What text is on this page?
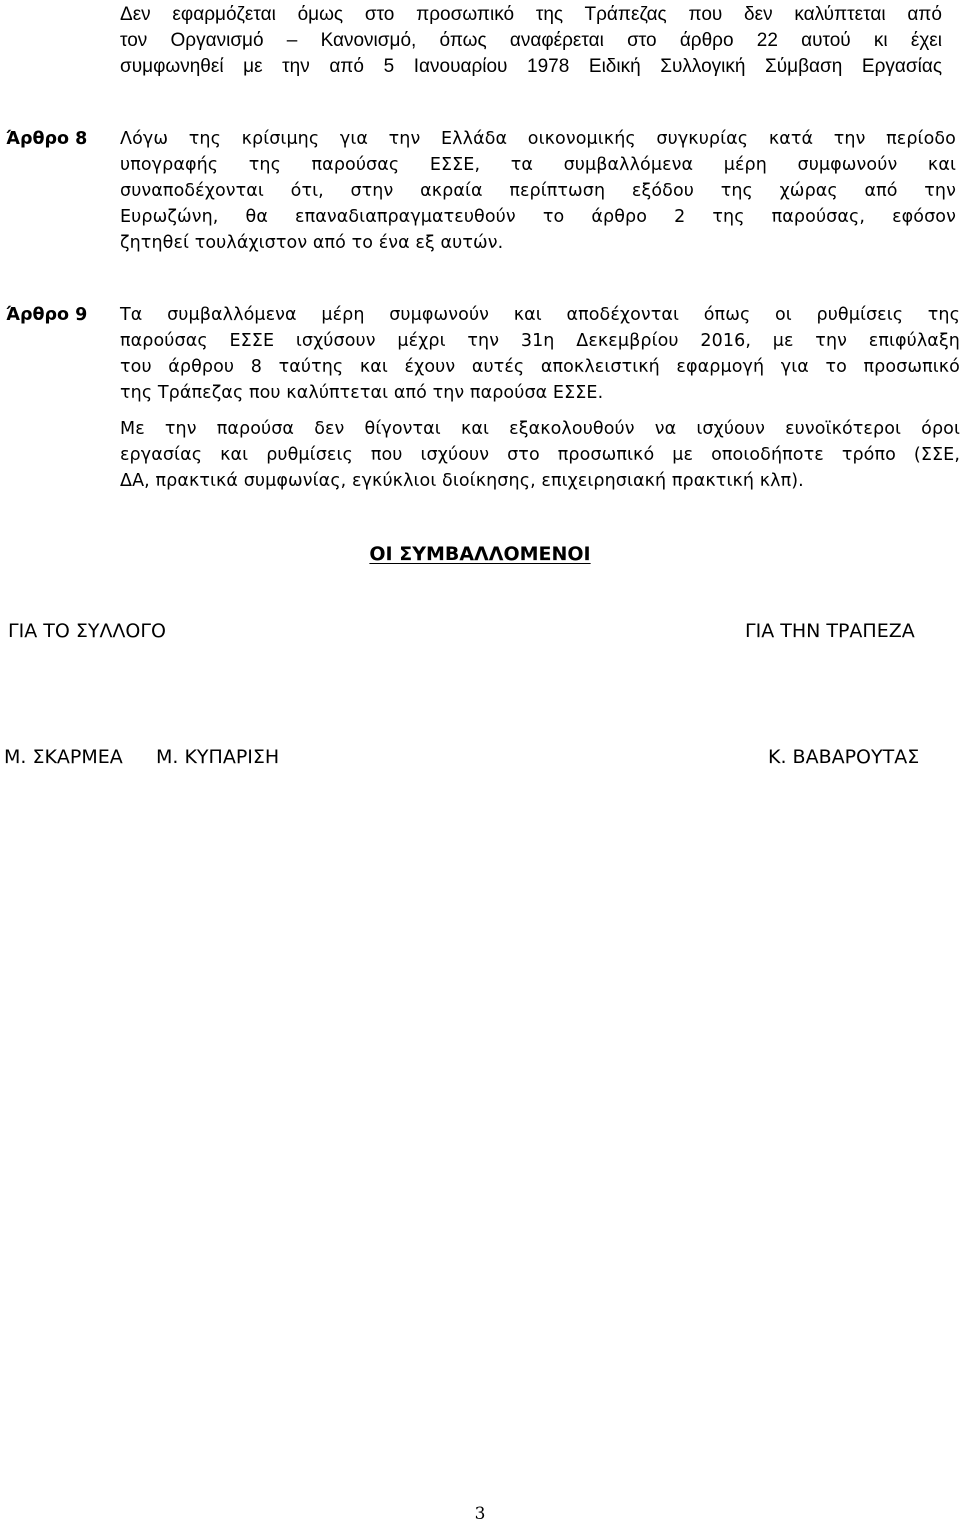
Δεν εφαρμόζεται όμως στο προσωπικό της Τράπεζας που δεν καλύπτεται από
τον Οργανισμό – Κανονισμό, όπως αναφέρεται στο άρθρο 22 αυτού κι έχει
συμφωνηθεί με την από 5 Ιανουαρίου 1978 Ειδική Συλλογική Σύμβαση Εργασίας
Άρθρο 8 Λόγω της κρίσιμης για την Ελλάδα οικονομικής συγκυρίας κατά την περίοδο
υπογραφής της παρούσας ΕΣΣΕ, τα συμβαλλόμενα μέρη συμφωνούν και
συναποδέχονται ότι, στην ακραία περίπτωση εξόδου της χώρας από την
Ευρωζώνη, θα επαναδιαπραγματευθούν το άρθρο 2 της παρούσας, εφόσον
ζητηθεί τουλάχιστον από το ένα εξ αυτών.
Άρθρο 9 Τα συμβαλλόμενα μέρη συμφωνούν και αποδέχονται όπως οι ρυθμίσεις της
παρούσας ΕΣΣΕ ισχύσουν μέχρι την 31η Δεκεμβρίου 2016, με την επιφύλαξη
του άρθρου 8 ταύτης και έχουν αυτές αποκλειστική εφαρμογή για το προσωπικό
της Τράπεζας που καλύπτεται από την παρούσα ΕΣΣΕ.
Με την παρούσα δεν θίγονται και εξακολουθούν να ισχύουν ευνοϊκότεροι όροι
εργασίας και ρυθμίσεις που ισχύουν στο προσωπικό με οποιοδήποτε τρόπο (ΣΣΕ,
ΔΑ, πρακτικά συμφωνίας, εγκύκλιοι διοίκησης, επιχειρησιακή πρακτική κλπ).
ΟΙ ΣΥΜΒΑΛΛΟΜΕΝΟΙ
ΓΙΑ ΤΟ ΣΥΛΛΟΓΟ	ΓΙΑ ΤΗΝ ΤΡΑΠΕΖΑ
Μ. ΣΚΑΡΜΕΑ Μ. ΚΥΠΑΡΙΣΗ	Κ. ΒΑΒΑΡΟΥΤΑΣ
3
